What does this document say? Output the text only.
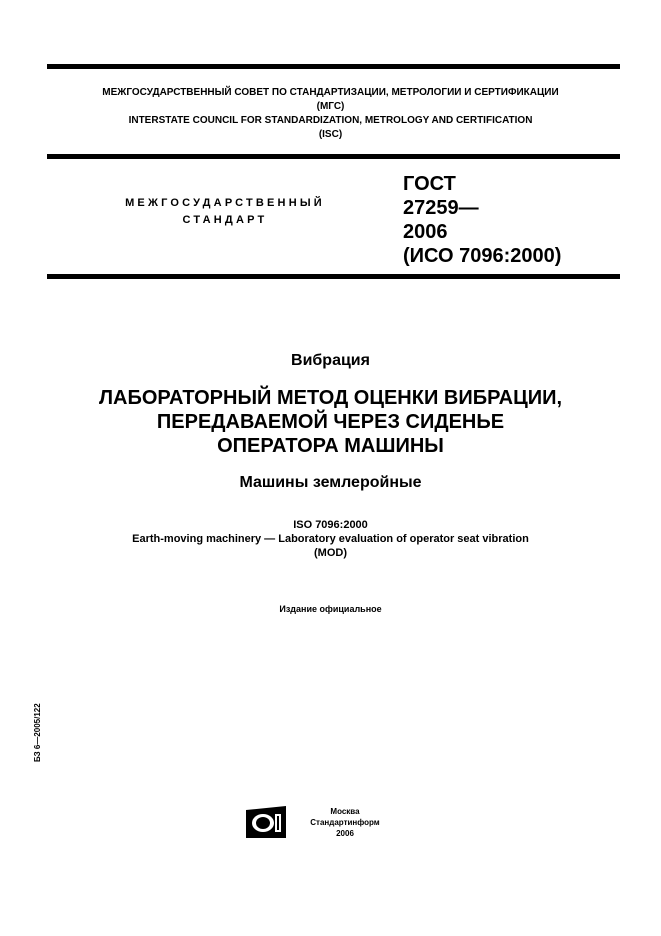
МЕЖГОСУДАРСТВЕННЫЙ СОВЕТ ПО СТАНДАРТИЗАЦИИ, МЕТРОЛОГИИ И СЕРТИФИКАЦИИ
(МГС)
INTERSTATE COUNCIL FOR STANDARDIZATION, METROLOGY AND CERTIFICATION
(ISC)
МЕЖГОСУДАРСТВЕННЫЙ
СТАНДАРТ
ГОСТ
27259—
2006
(ИСО 7096:2000)
Вибрация
ЛАБОРАТОРНЫЙ МЕТОД ОЦЕНКИ ВИБРАЦИИ,
ПЕРЕДАВАЕМОЙ ЧЕРЕЗ СИДЕНЬЕ
ОПЕРАТОРА МАШИНЫ
Машины землеройные
ISO 7096:2000
Earth-moving machinery — Laboratory evaluation of operator seat vibration
(MOD)
Издание официальное
БЗ 6—2005/122
Москва
Стандартинформ
2006
